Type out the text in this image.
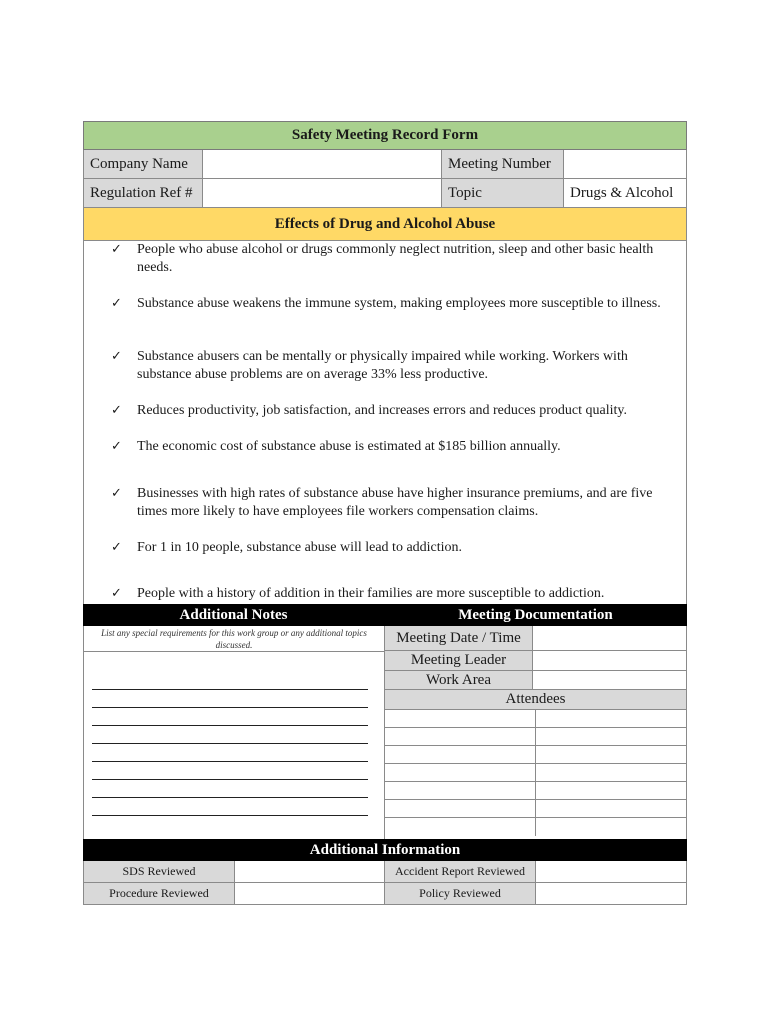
Safety Meeting Record Form
Company Name	Meeting Number
Regulation Ref #	Topic	Drugs & Alcohol
Effects of Drug and Alcohol Abuse
✓	People who abuse alcohol or drugs commonly neglect nutrition, sleep and other basic health needs.
✓	Substance abuse weakens the immune system, making employees more susceptible to illness.
✓	Substance abusers can be mentally or physically impaired while working. Workers with substance abuse problems are on average 33% less productive.
✓	Reduces productivity, job satisfaction, and increases errors and reduces product quality.
✓	The economic cost of substance abuse is estimated at $185 billion annually.
✓	Businesses with high rates of substance abuse have higher insurance premiums, and are five times more likely to have employees file workers compensation claims.
✓	For 1 in 10 people, substance abuse will lead to addiction.
✓	People with a history of addition in their families are more susceptible to addiction.
Additional Notes	Meeting Documentation
List any special requirements for this work group or any additional topics discussed.	Meeting Date / Time
Meeting Leader
Work Area
Attendees
Additional Information
SDS Reviewed	Accident Report Reviewed
Procedure Reviewed	Policy Reviewed
